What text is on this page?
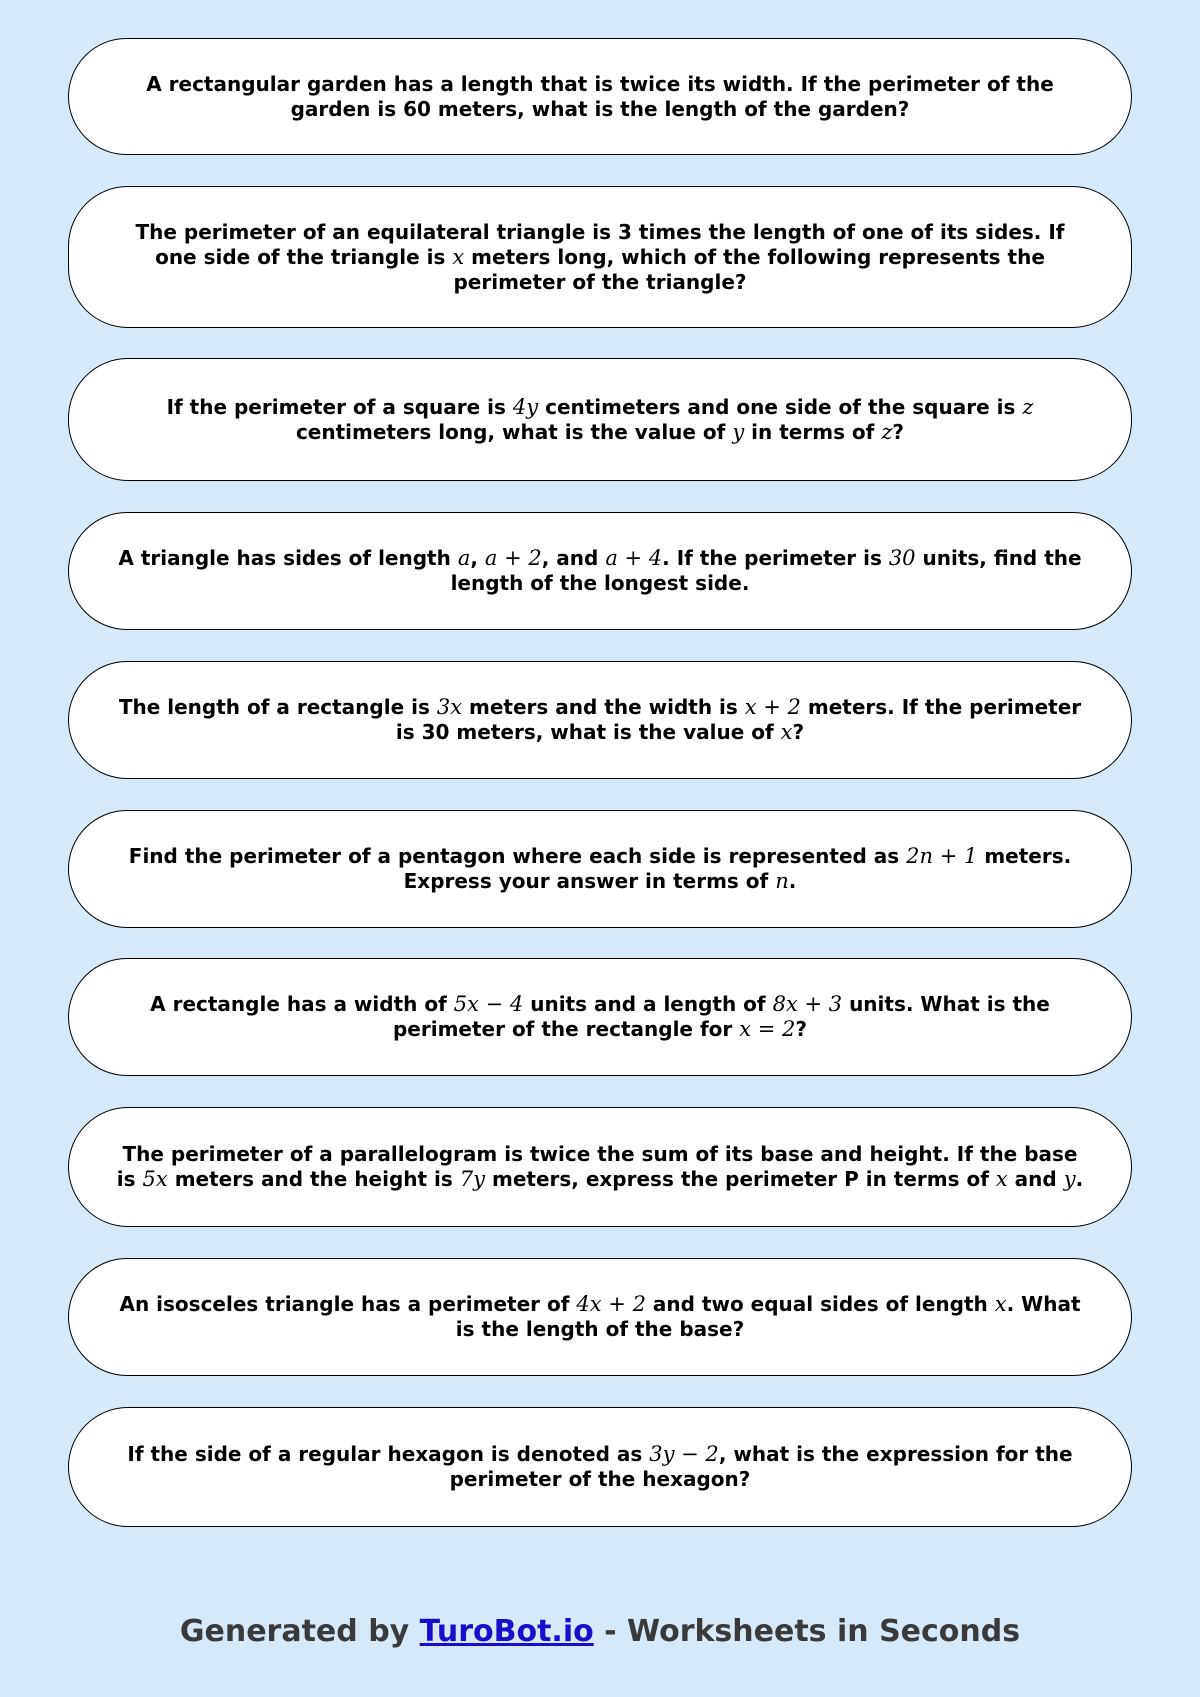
A rectangular garden has a length that is twice its width. If the perimeter of the
garden is 60 meters, what is the length of the garden?
The perimeter of an equilateral triangle is 3 times the length of one of its sides. If
one side of the triangle is x meters long, which of the following represents the
perimeter of the triangle?
If the perimeter of a square is 4y centimeters and one side of the square is z
centimeters long, what is the value of y in terms of z?
A triangle has sides of length a, a + 2, and a + 4. If the perimeter is 30 units, find the
length of the longest side.
The length of a rectangle is 3x meters and the width is x + 2 meters. If the perimeter
is 30 meters, what is the value of x?
Find the perimeter of a pentagon where each side is represented as 2n + 1 meters.
Express your answer in terms of n.
A rectangle has a width of 5x − 4 units and a length of 8x + 3 units. What is the
perimeter of the rectangle for x = 2?
The perimeter of a parallelogram is twice the sum of its base and height. If the base
is 5x meters and the height is 7y meters, express the perimeter P in terms of x and y.
An isosceles triangle has a perimeter of 4x + 2 and two equal sides of length x. What
is the length of the base?
If the side of a regular hexagon is denoted as 3y − 2, what is the expression for the
perimeter of the hexagon?
Generated by TuroBot.io - Worksheets in Seconds
